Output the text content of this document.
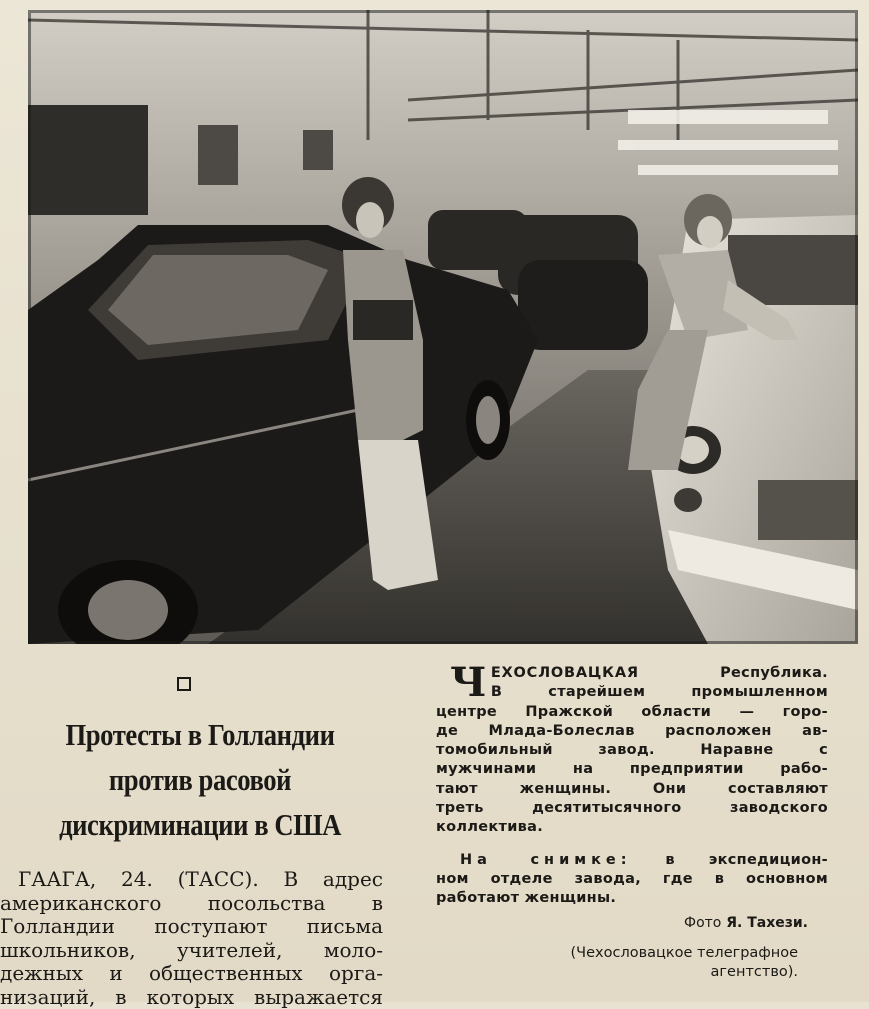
Протесты в Голландии
против расовой
дискриминации в США
ГААГА, 24. (ТАСС). В адрес
американского посольства в
Голландии поступают письма
школьников, учителей, моло-
дежных и общественных орга-
низаций, в которых выражается
Ч ЕХОСЛОВАЦКАЯ	Республика.
В старейшем промышленном
центре Пражской области — горо-
де Млада-Болеслав расположен ав-
томобильный завод. Наравне с
мужчинами на предприятии рабо-
тают женщины. Они составляют
треть десятитысячного заводского
коллектива.
На снимке: в экспедицион-
ном отделе завода, где в основном
работают женщины.
Фото Я. Тахези.
(Чехословацкое телеграфное
агентство).
